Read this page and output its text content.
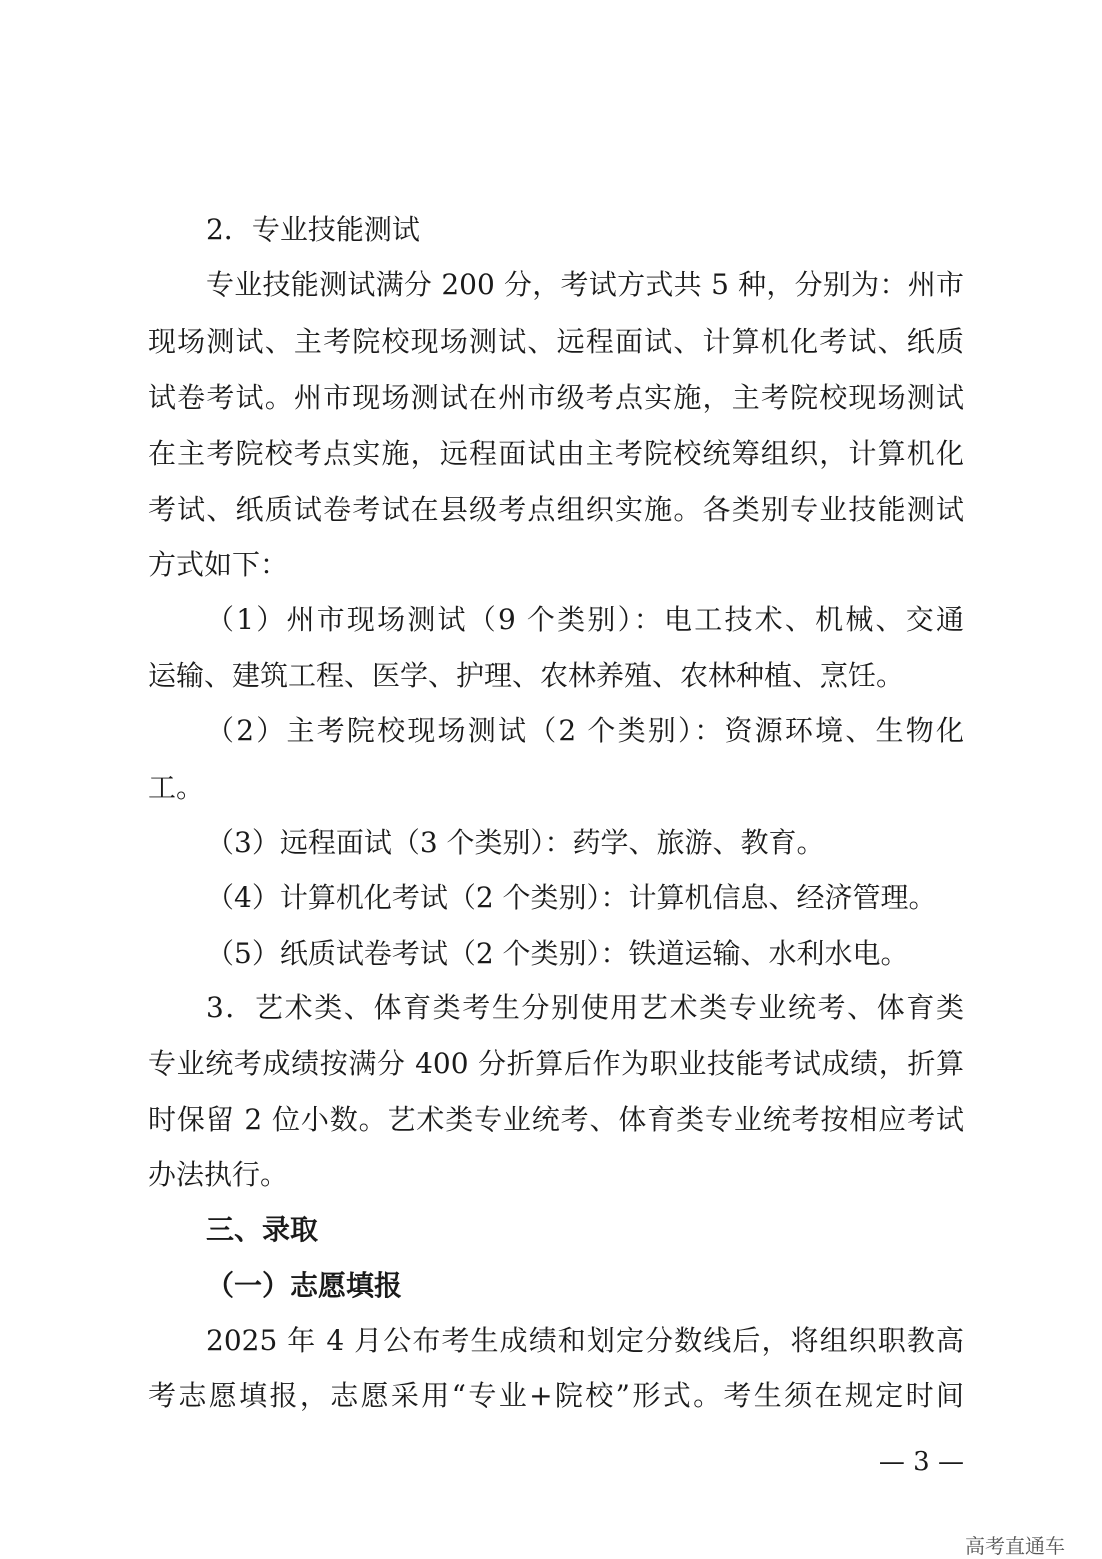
2．专业技能测试
专业技能测试满分 200 分，考试方式共 5 种，分别为：州市
现场测试、主考院校现场测试、远程面试、计算机化考试、纸质
试卷考试。州市现场测试在州市级考点实施，主考院校现场测试
在主考院校考点实施，远程面试由主考院校统筹组织，计算机化
考试、纸质试卷考试在县级考点组织实施。各类别专业技能测试
方式如下：
（1）州市现场测试（9 个类别）：电工技术、机械、交通
运输、建筑工程、医学、护理、农林养殖、农林种植、烹饪。
（2）主考院校现场测试（2 个类别）：资源环境、生物化
工。
（3）远程面试（3 个类别）：药学、旅游、教育。
（4）计算机化考试（2 个类别）：计算机信息、经济管理。
（5）纸质试卷考试（2 个类别）：铁道运输、水利水电。
3．艺术类、体育类考生分别使用艺术类专业统考、体育类
专业统考成绩按满分 400 分折算后作为职业技能考试成绩，折算
时保留 2 位小数。艺术类专业统考、体育类专业统考按相应考试
办法执行。
三、录取
（一）志愿填报
2025 年 4 月公布考生成绩和划定分数线后，将组织职教高
考志愿填报，志愿采用“专业+院校”形式。考生须在规定时间
— 3 —
高考直通车
